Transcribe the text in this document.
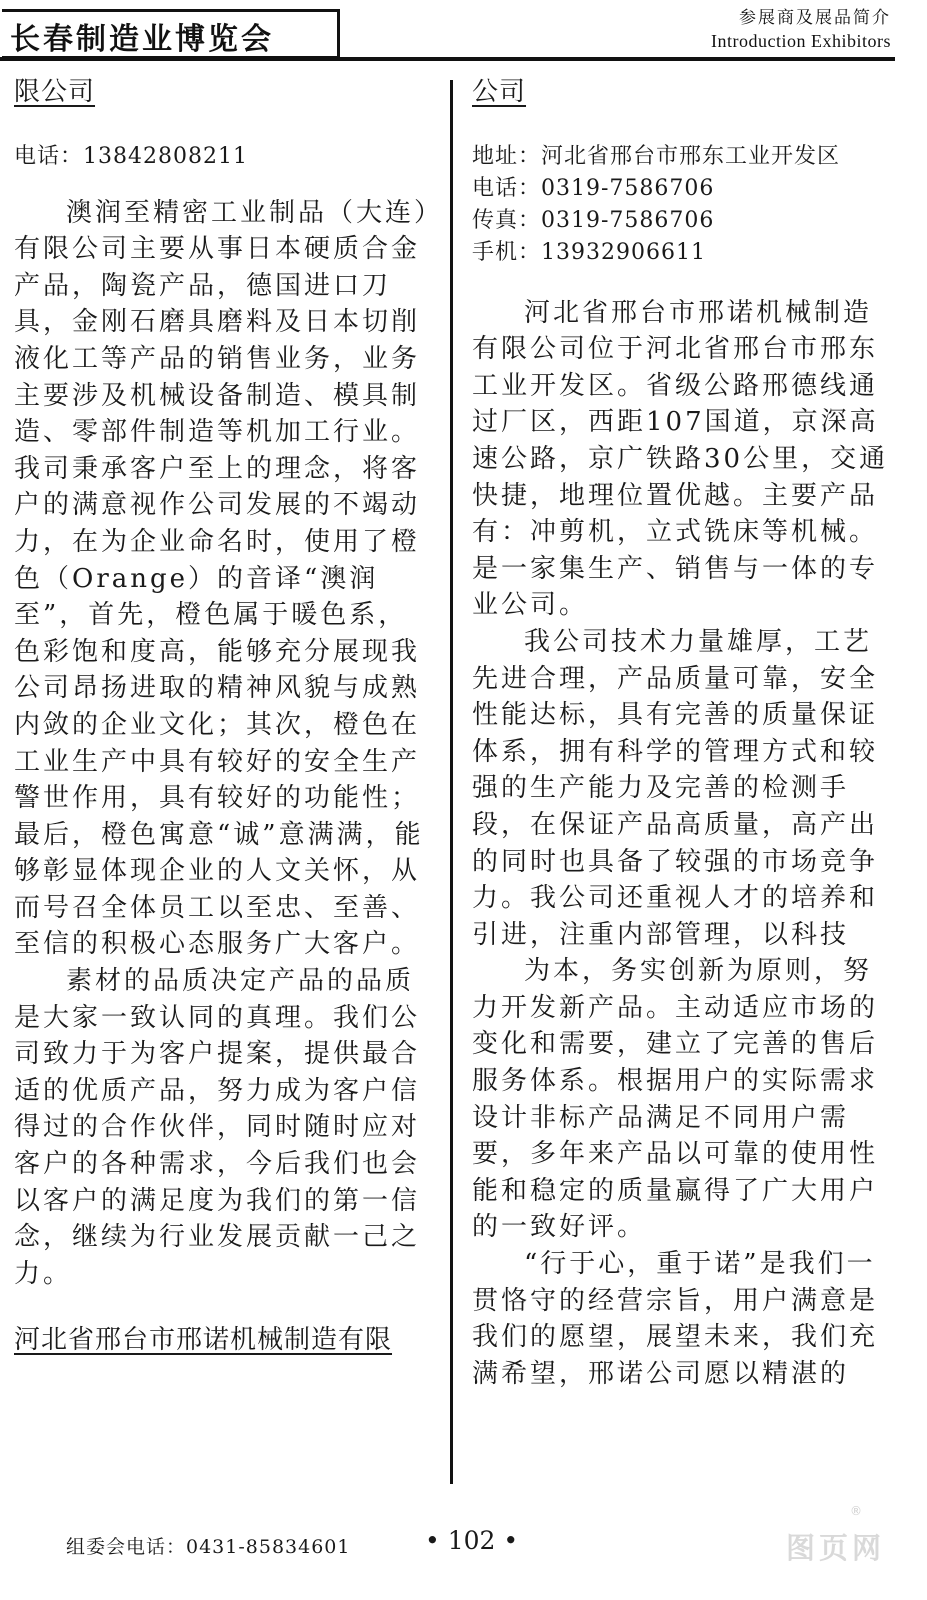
长春制造业博览会
参展商及展品简介
Introduction Exhibitors
限公司
电话：13842808211

澳润至精密工业制品（大连）有限公司主要从事日本硬质合金产品，陶瓷产品，德国进口刀具，金刚石磨具磨料及日本切削液化工等产品的销售业务，业务主要涉及机械设备制造、模具制造、零部件制造等机加工行业。我司秉承客户至上的理念，将客户的满意视作公司发展的不竭动力，在为企业命名时，使用了橙色（Orange）的音译“澳润至”，首先，橙色属于暖色系，色彩饱和度高，能够充分展现我公司昂扬进取的精神风貌与成熟内敛的企业文化；其次，橙色在工业生产中具有较好的安全生产警世作用，具有较好的功能性；最后，橙色寓意“诚”意满满，能够彰显体现企业的人文关怀，从而号召全体员工以至忠、至善、至信的积极心态服务广大客户。

素材的品质决定产品的品质是大家一致认同的真理。我们公司致力于为客户提案，提供最合适的优质产品，努力成为客户信得过的合作伙伴，同时随时应对客户的各种需求，今后我们也会以客户的满足度为我们的第一信念，继续为行业发展贡献一己之力。

河北省邢台市邢诺机械制造有限
公司
地址：河北省邢台市邢东工业开发区
电话：0319-7586706
传真：0319-7586706
手机：13932906611

河北省邢台市邢诺机械制造有限公司位于河北省邢台市邢东工业开发区。省级公路邢德线通过厂区，西距107国道，京深高速公路，京广铁路30公里，交通快捷，地理位置优越。主要产品有：冲剪机，立式铣床等机械。是一家集生产、销售与一体的专业公司。

我公司技术力量雄厚，工艺先进合理，产品质量可靠，安全性能达标，具有完善的质量保证体系，拥有科学的管理方式和较强的生产能力及完善的检测手段，在保证产品高质量，高产出的同时也具备了较强的市场竞争力。我公司还重视人才的培养和引进，注重内部管理，以科技

为本，务实创新为原则，努力开发新产品。主动适应市场的变化和需要，建立了完善的售后服务体系。根据用户的实际需求设计非标产品满足不同用户需要，多年来产品以可靠的使用性能和稳定的质量赢得了广大用户的一致好评。

“行于心，重于诺”是我们一贯恪守的经营宗旨，用户满意是我们的愿望，展望未来，我们充满希望，邢诺公司愿以精湛的

组委会电话：0431-85834601	• 102 •
®
图页网
